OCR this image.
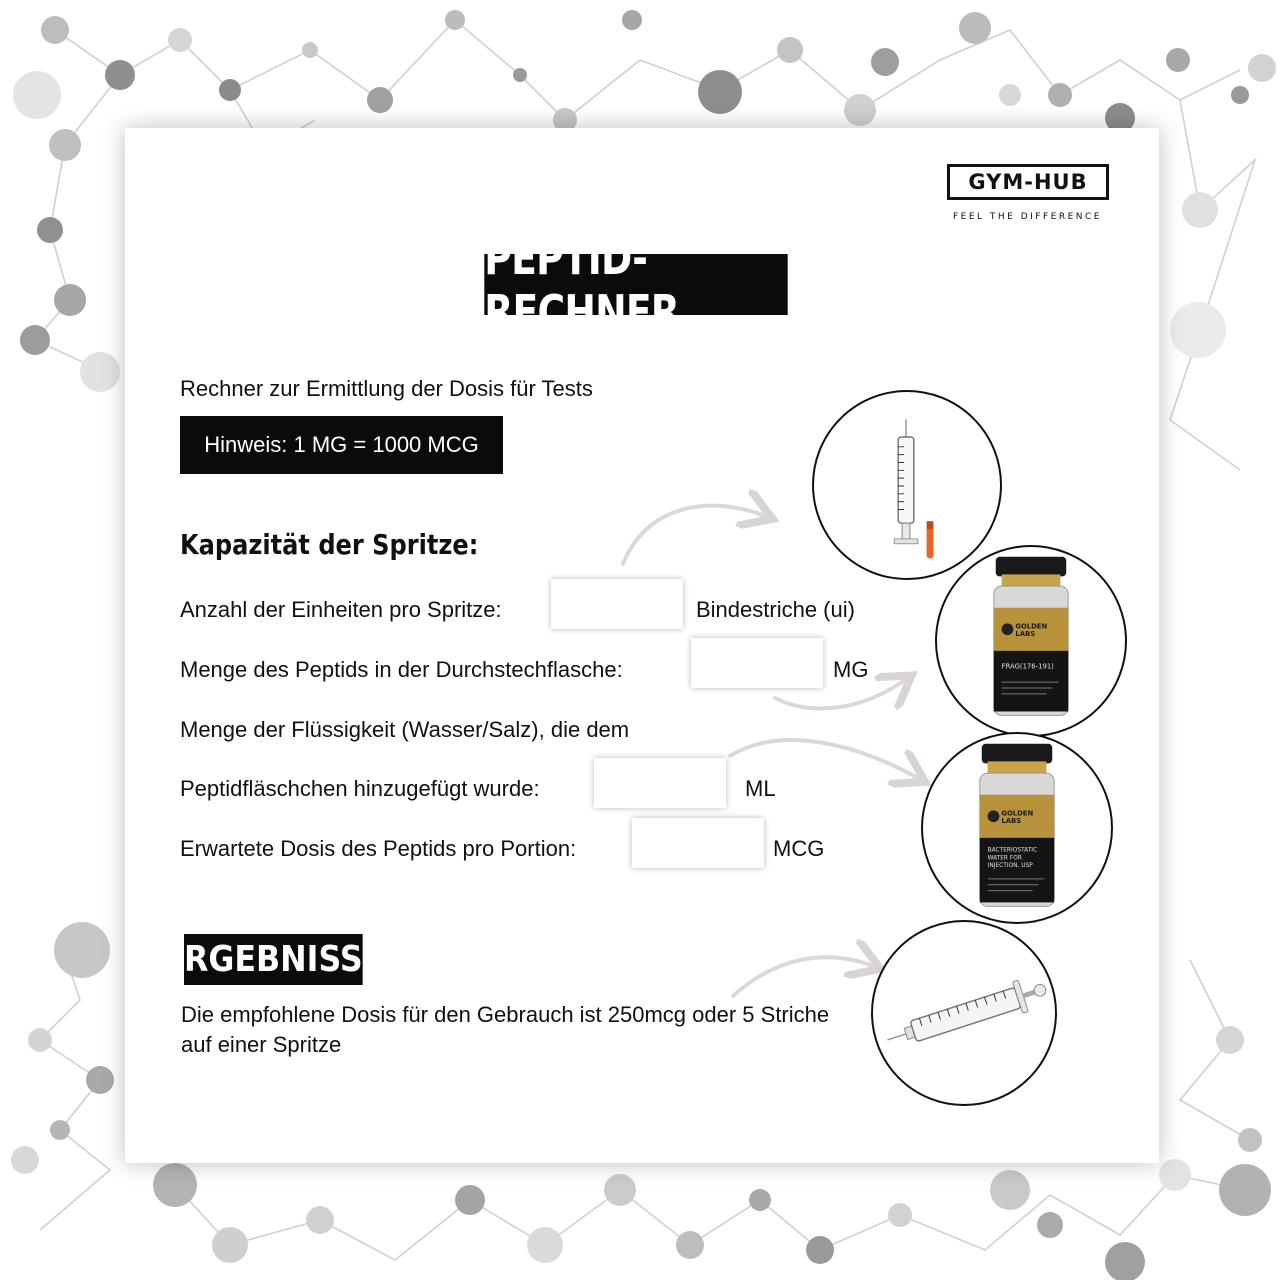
GYM-HUB
FEEL THE DIFFERENCE
PEPTID-RECHNER
Rechner zur Ermittlung der Dosis für Tests
Hinweis: 1 MG = 1000 MCG
Kapazität der Spritze:
Anzahl der Einheiten pro Spritze:	Bindestriche (ui)
Menge des Peptids in der Durchstechflasche:	MG
Menge der Flüssigkeit (Wasser/Salz), die dem
Peptidfläschchen hinzugefügt wurde:	ML
Erwartete Dosis des Peptids pro Portion:	MCG
ERGEBNISSE
Die empfohlene Dosis für den Gebrauch ist 250mcg oder 5 Striche auf einer Spritze
GOLDEN
LABS
FRAG(176-191)
GOLDEN
LABS
BACTERIOSTATIC
WATER FOR
INJECTION, USP
